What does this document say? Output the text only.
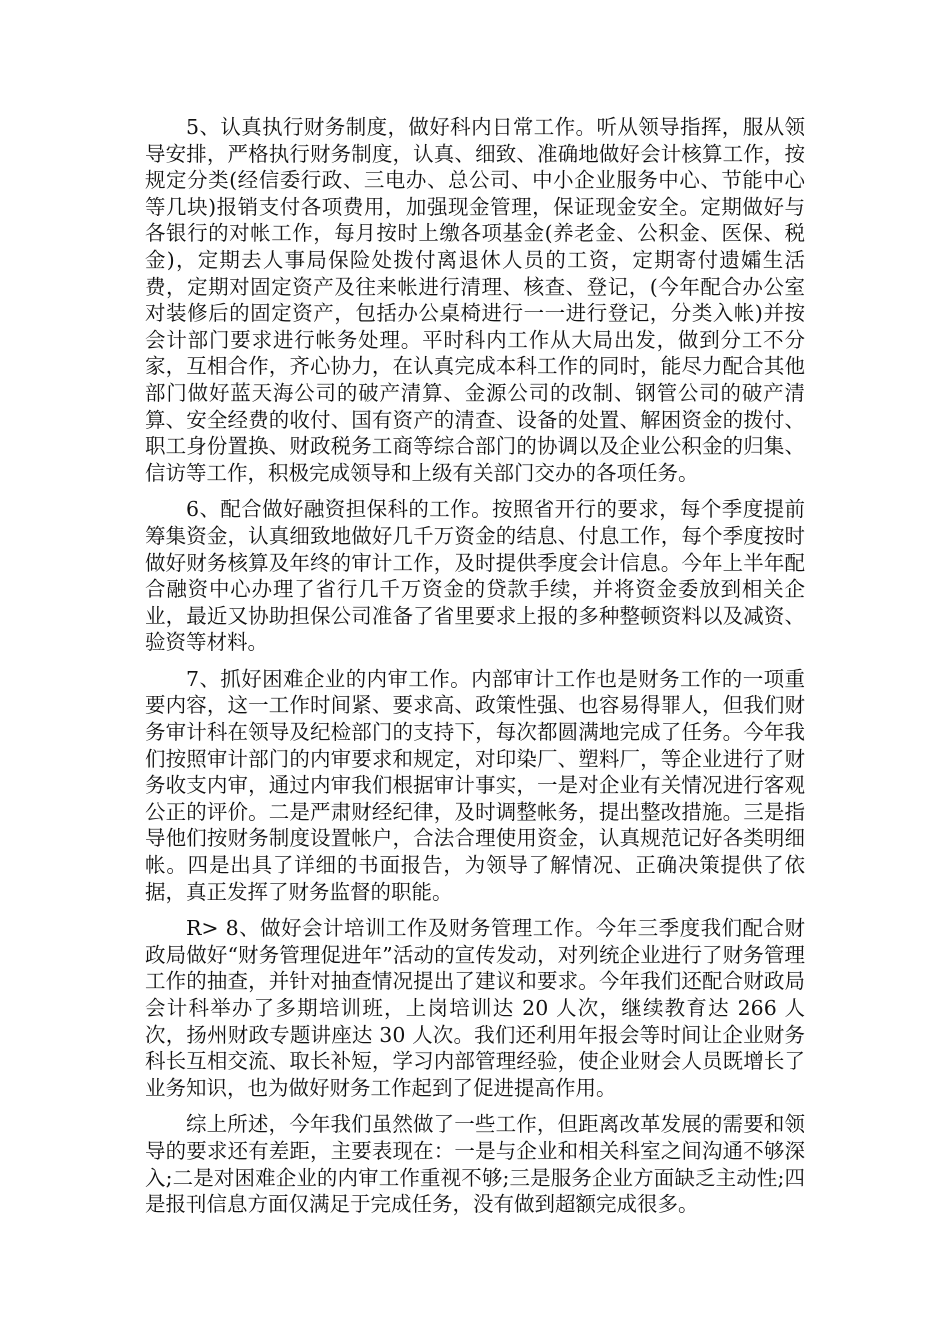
5、认真执行财务制度，做好科内日常工作。听从领导指挥，服从领导安排，严格执行财务制度，认真、细致、准确地做好会计核算工作，按规定分类(经信委行政、三电办、总公司、中小企业服务中心、节能中心等几块)报销支付各项费用，加强现金管理，保证现金安全。定期做好与各银行的对帐工作，每月按时上缴各项基金(养老金、公积金、医保、税金)，定期去人事局保险处拨付离退休人员的工资，定期寄付遗孀生活费，定期对固定资产及往来帐进行清理、核查、登记，(今年配合办公室对装修后的固定资产，包括办公桌椅进行一一进行登记，分类入帐)并按会计部门要求进行帐务处理。平时科内工作从大局出发，做到分工不分家，互相合作，齐心协力，在认真完成本科工作的同时，能尽力配合其他部门做好蓝天海公司的破产清算、金源公司的改制、钢管公司的破产清算、安全经费的收付、国有资产的清查、设备的处置、解困资金的拨付、职工身份置换、财政税务工商等综合部门的协调以及企业公积金的归集、信访等工作，积极完成领导和上级有关部门交办的各项任务。

6、配合做好融资担保科的工作。按照省开行的要求，每个季度提前筹集资金，认真细致地做好几千万资金的结息、付息工作，每个季度按时做好财务核算及年终的审计工作，及时提供季度会计信息。今年上半年配合融资中心办理了省行几千万资金的贷款手续，并将资金委放到相关企业，最近又协助担保公司准备了省里要求上报的多种整顿资料以及减资、验资等材料。

7、抓好困难企业的内审工作。内部审计工作也是财务工作的一项重要内容，这一工作时间紧、要求高、政策性强、也容易得罪人，但我们财务审计科在领导及纪检部门的支持下，每次都圆满地完成了任务。今年我们按照审计部门的内审要求和规定，对印染厂、塑料厂，等企业进行了财务收支内审，通过内审我们根据审计事实，一是对企业有关情况进行客观公正的评价。二是严肃财经纪律，及时调整帐务，提出整改措施。三是指导他们按财务制度设置帐户，合法合理使用资金，认真规范记好各类明细帐。四是出具了详细的书面报告，为领导了解情况、正确决策提供了依据，真正发挥了财务监督的职能。

R> 8、做好会计培训工作及财务管理工作。今年三季度我们配合财政局做好“财务管理促进年”活动的宣传发动，对列统企业进行了财务管理工作的抽查，并针对抽查情况提出了建议和要求。今年我们还配合财政局会计科举办了多期培训班，上岗培训达 20 人次，继续教育达 266 人次，扬州财政专题讲座达 30 人次。我们还利用年报会等时间让企业财务科长互相交流、取长补短，学习内部管理经验，使企业财会人员既增长了业务知识，也为做好财务工作起到了促进提高作用。

综上所述，今年我们虽然做了一些工作，但距离改革发展的需要和领导的要求还有差距，主要表现在：一是与企业和相关科室之间沟通不够深入;二是对困难企业的内审工作重视不够;三是服务企业方面缺乏主动性;四是报刊信息方面仅满足于完成任务，没有做到超额完成很多。
